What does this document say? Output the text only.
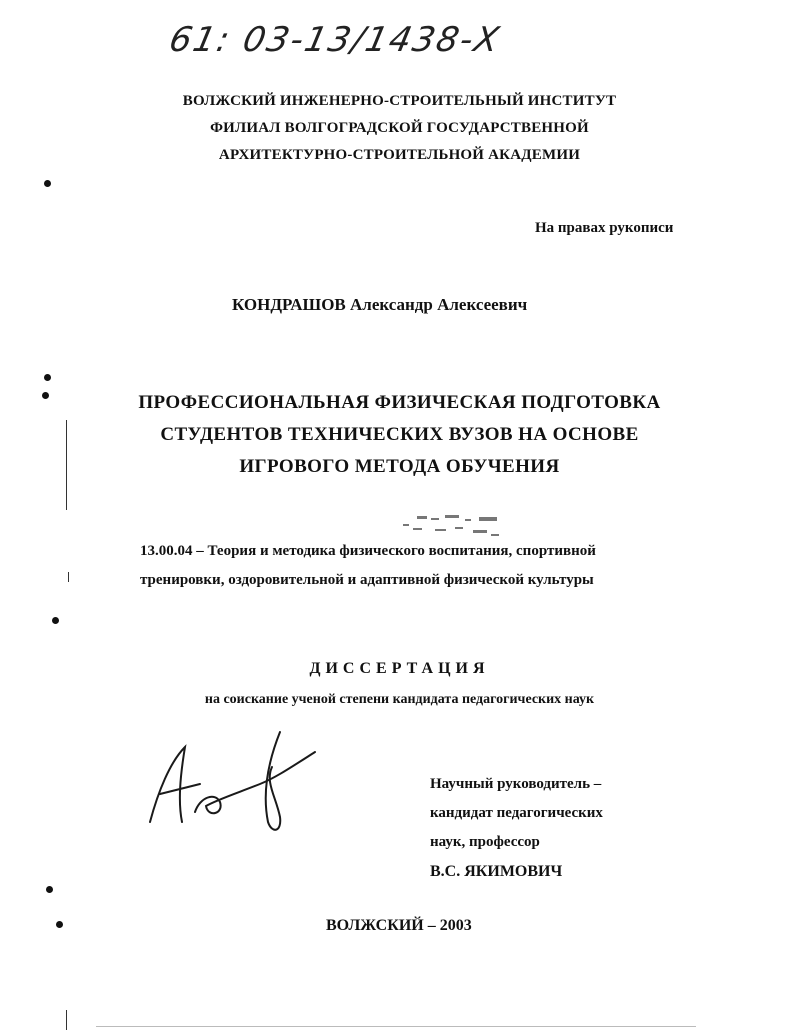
61: 03-13/1438-Х
ВОЛЖСКИЙ ИНЖЕНЕРНО-СТРОИТЕЛЬНЫЙ ИНСТИТУТ
ФИЛИАЛ ВОЛГОГРАДСКОЙ ГОСУДАРСТВЕННОЙ
АРХИТЕКТУРНО-СТРОИТЕЛЬНОЙ АКАДЕМИИ
На правах рукописи
КОНДРАШОВ Александр Алексеевич
ПРОФЕССИОНАЛЬНАЯ ФИЗИЧЕСКАЯ ПОДГОТОВКА
СТУДЕНТОВ ТЕХНИЧЕСКИХ ВУЗОВ НА ОСНОВЕ
ИГРОВОГО МЕТОДА ОБУЧЕНИЯ
13.00.04 – Теория и методика физического воспитания, спортивной
тренировки, оздоровительной и адаптивной физической культуры
ДИССЕРТАЦИЯ
на соискание ученой степени кандидата педагогических наук
Научный руководитель –
кандидат педагогических
наук, профессор
В.С. ЯКИМОВИЧ
ВОЛЖСКИЙ – 2003
